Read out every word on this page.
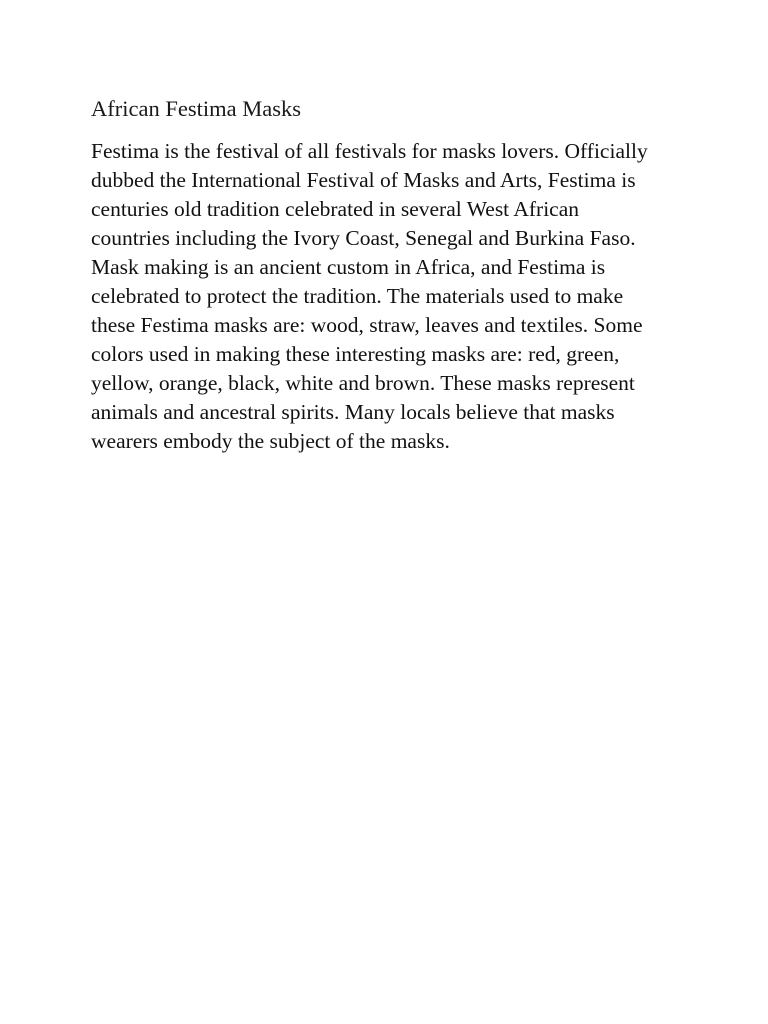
African Festima Masks

Festima is the festival of all festivals for masks lovers. Officially
dubbed the International Festival of Masks and Arts, Festima is
centuries old tradition celebrated in several West African
countries including the Ivory Coast, Senegal and Burkina Faso.
Mask making is an ancient custom in Africa, and Festima is
celebrated to protect the tradition. The materials used to make
these Festima masks are: wood, straw, leaves and textiles. Some
colors used in making these interesting masks are: red, green,
yellow, orange, black, white and brown. These masks represent
animals and ancestral spirits. Many locals believe that masks
wearers embody the subject of the masks.
